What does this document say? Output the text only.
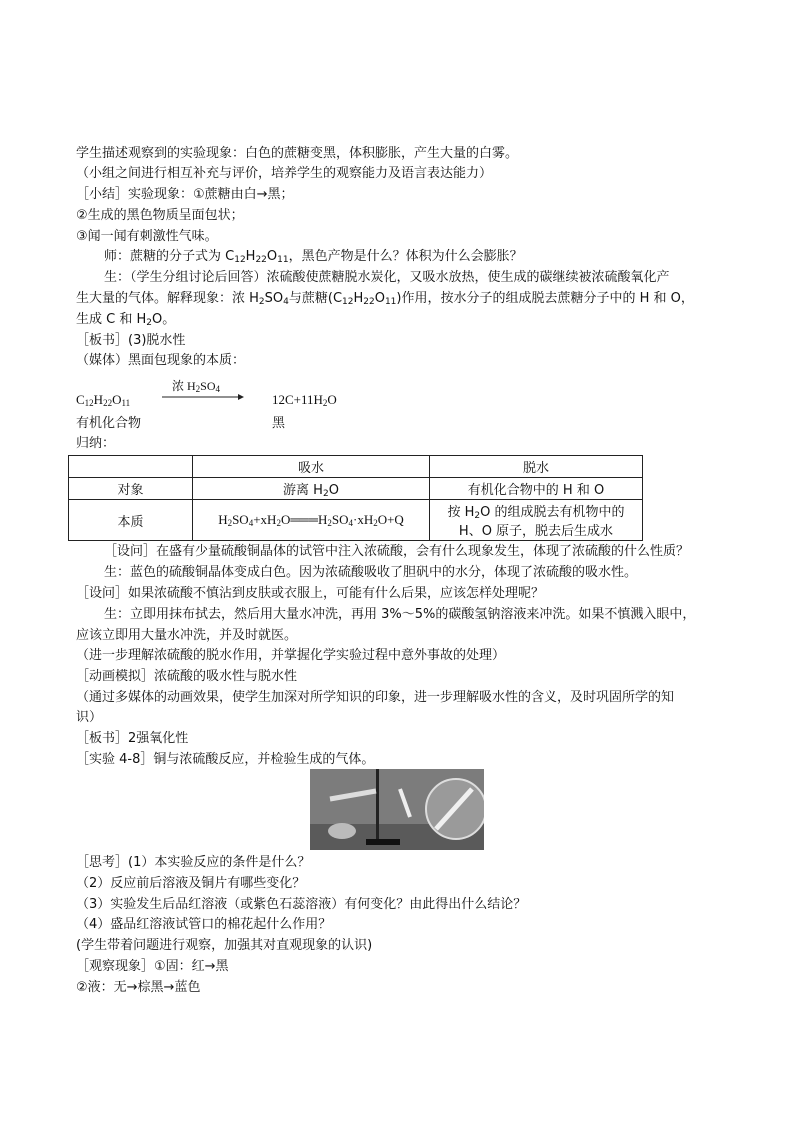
学生描述观察到的实验现象：白色的蔗糖变黑，体积膨胀，产生大量的白雾。
（小组之间进行相互补充与评价，培养学生的观察能力及语言表达能力）
［小结］实验现象：①蔗糖由白→黑；
②生成的黑色物质呈面包状；
③闻一闻有刺激性气味。
师：蔗糖的分子式为 $C_{12}H_{22}O_{11}$，黑色产物是什么？体积为什么会膨胀？
生：（学生分组讨论后回答）浓硫酸使蔗糖脱水炭化，又吸水放热，使生成的碳继续被浓硫酸氧化产
生大量的气体。解释现象：浓 $H_2SO_4$与蔗糖$(C_{12}H_{22}O_{11})$作用，按水分子的组成脱去蔗糖分子中的 H 和 O，
生成 C 和 $H_2O$。
［板书］(3)脱水性
（媒体）黑面包现象的本质：
$C_{12}H_{22}O_{11}$
浓 $H_2SO_4$
$12C+11H_2O$
有机化合物	黑
归纳：
	吸水	脱水
对象	游离 $H_2O$	有机化合物中的 H 和 O
本质	$H_2SO_4+xH_2O═══H_2SO_4\cdot xH_2O+Q$	按 $H_2O$ 的组成脱去有机物中的
H、O 原子，脱去后生成水
［设问］在盛有少量硫酸铜晶体的试管中注入浓硫酸，会有什么现象发生，体现了浓硫酸的什么性质？
生：蓝色的硫酸铜晶体变成白色。因为浓硫酸吸收了胆矾中的水分，体现了浓硫酸的吸水性。
［设问］如果浓硫酸不慎沾到皮肤或衣服上，可能有什么后果，应该怎样处理呢？
生：立即用抹布拭去，然后用大量水冲洗，再用 3%～5%的碳酸氢钠溶液来冲洗。如果不慎溅入眼中，
应该立即用大量水冲洗，并及时就医。
（进一步理解浓硫酸的脱水作用，并掌握化学实验过程中意外事故的处理）
［动画模拟］浓硫酸的吸水性与脱水性
（通过多媒体的动画效果，使学生加深对所学知识的印象，进一步理解吸水性的含义，及时巩固所学的知
识）
［板书］2强氧化性
［实验 4-8］铜与浓硫酸反应，并检验生成的气体。
［思考］(1）本实验反应的条件是什么？
（2）反应前后溶液及铜片有哪些变化？
（3）实验发生后品红溶液（或紫色石蕊溶液）有何变化？由此得出什么结论？
（4）盛品红溶液试管口的棉花起什么作用？
(学生带着问题进行观察，加强其对直观现象的认识)
［观察现象］①固：红→黑
②液：无→棕黑→蓝色
